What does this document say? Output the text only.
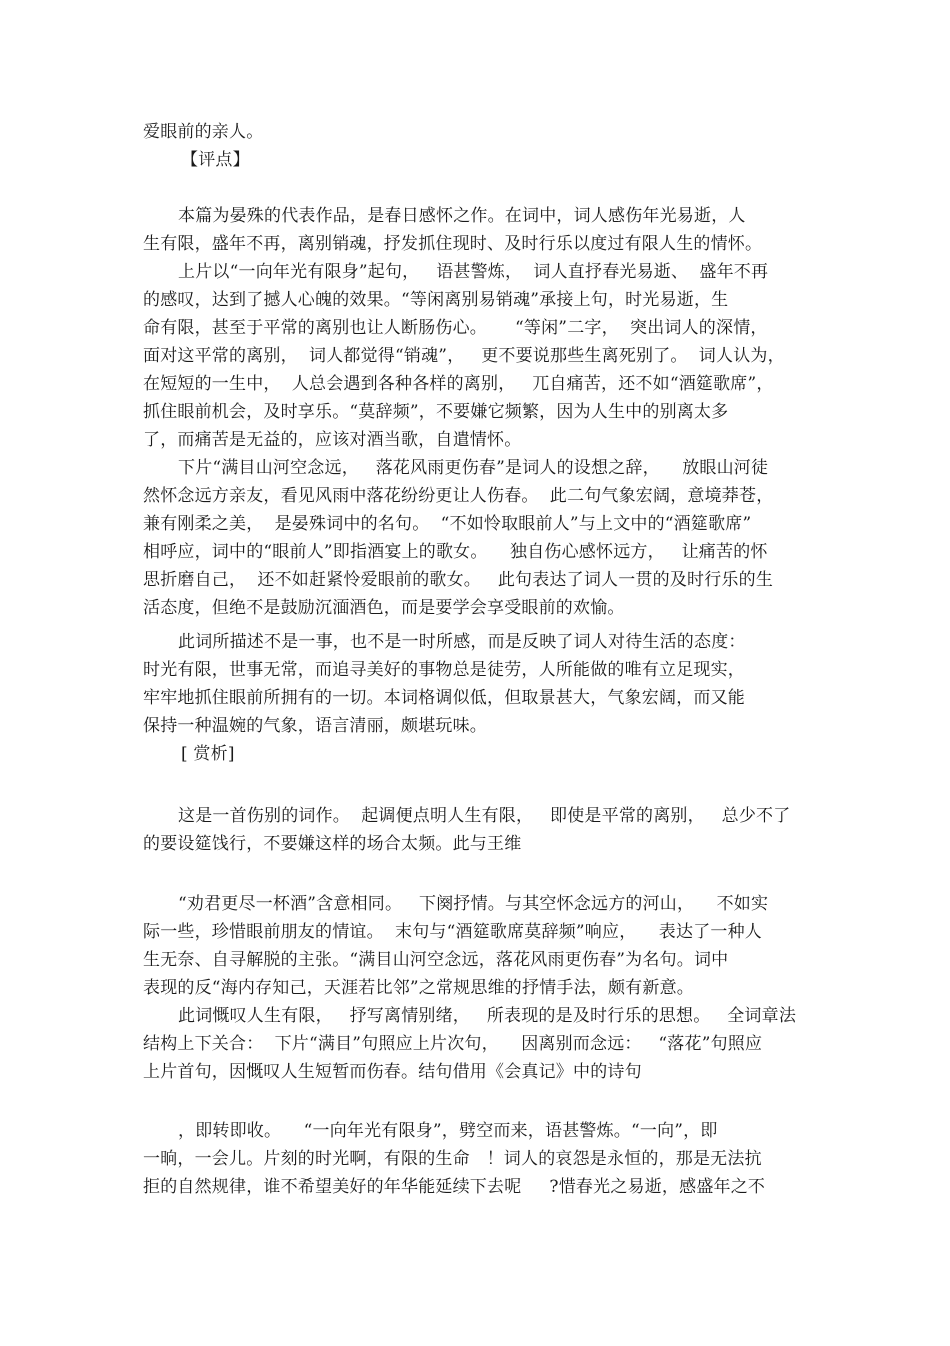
爱眼前的亲人。
【评点】
本篇为晏殊的代表作品，是春日感怀之作。在词中，词人感伤年光易逝，人
生有限，盛年不再，离别销魂，抒发抓住现时、及时行乐以度过有限人生的情怀。
上片以“一向年光有限身”起句，   语甚警炼，  词人直抒春光易逝、  盛年不再
的感叹，达到了撼人心魄的效果。“等闲离别易销魂”承接上句，时光易逝，生
命有限，甚至于平常的离别也让人断肠伤心。     “等闲”二字，  突出词人的深情，
面对这平常的离别，  词人都觉得“销魂”，   更不要说那些生离死别了。  词人认为，
在短短的一生中，  人总会遇到各种各样的离别，   兀自痛苦，还不如“酒筵歌席”，
抓住眼前机会，及时享乐。“莫辞频”，不要嫌它频繁，因为人生中的别离太多
了，而痛苦是无益的，应该对酒当歌，自遣情怀。
下片“满目山河空念远，   落花风雨更伤春”是词人的设想之辞，    放眼山河徒
然怀念远方亲友，看见风雨中落花纷纷更让人伤春。  此二句气象宏阔，意境莽苍，
兼有刚柔之美，  是晏殊词中的名句。  “不如怜取眼前人”与上文中的“酒筵歌席”
相呼应，词中的“眼前人”即指酒宴上的歌女。    独自伤心感怀远方，   让痛苦的怀
思折磨自己，  还不如赶紧怜爱眼前的歌女。   此句表达了词人一贯的及时行乐的生
活态度，但绝不是鼓励沉湎酒色，而是要学会享受眼前的欢愉。
此词所描述不是一事，也不是一时所感，而是反映了词人对待生活的态度：
时光有限，世事无常，而追寻美好的事物总是徒劳，人所能做的唯有立足现实，
牢牢地抓住眼前所拥有的一切。本词格调似低，但取景甚大，气象宏阔，而又能
保持一种温婉的气象，语言清丽，颇堪玩味。
[ 赏析]
这是一首伤别的词作。  起调便点明人生有限，   即使是平常的离别，   总少不了
的要设筵饯行，不要嫌这样的场合太频。此与王维
“劝君更尽一杯酒”含意相同。   下阕抒情。与其空怀念远方的河山，    不如实
际一些，珍惜眼前朋友的情谊。  末句与“酒筵歌席莫辞频”响应，    表达了一种人
生无奈、自寻解脱的主张。“满目山河空念远，落花风雨更伤春”为名句。词中
表现的反“海内存知己，天涯若比邻”之常规思维的抒情手法，颇有新意。
此词慨叹人生有限，   抒写离情别绪，   所表现的是及时行乐的思想。   全词章法
结构上下关合：  下片“满目”句照应上片次句，    因离别而念远：   “落花”句照应
上片首句，因慨叹人生短暂而伤春。结句借用《会真记》中的诗句
，即转即收。    “一向年光有限身”，劈空而来，语甚警炼。“一向”，即
一晌，一会儿。片刻的时光啊，有限的生命   ！词人的哀怨是永恒的，那是无法抗
拒的自然规律，谁不希望美好的年华能延续下去呢     ?惜春光之易逝，感盛年之不
